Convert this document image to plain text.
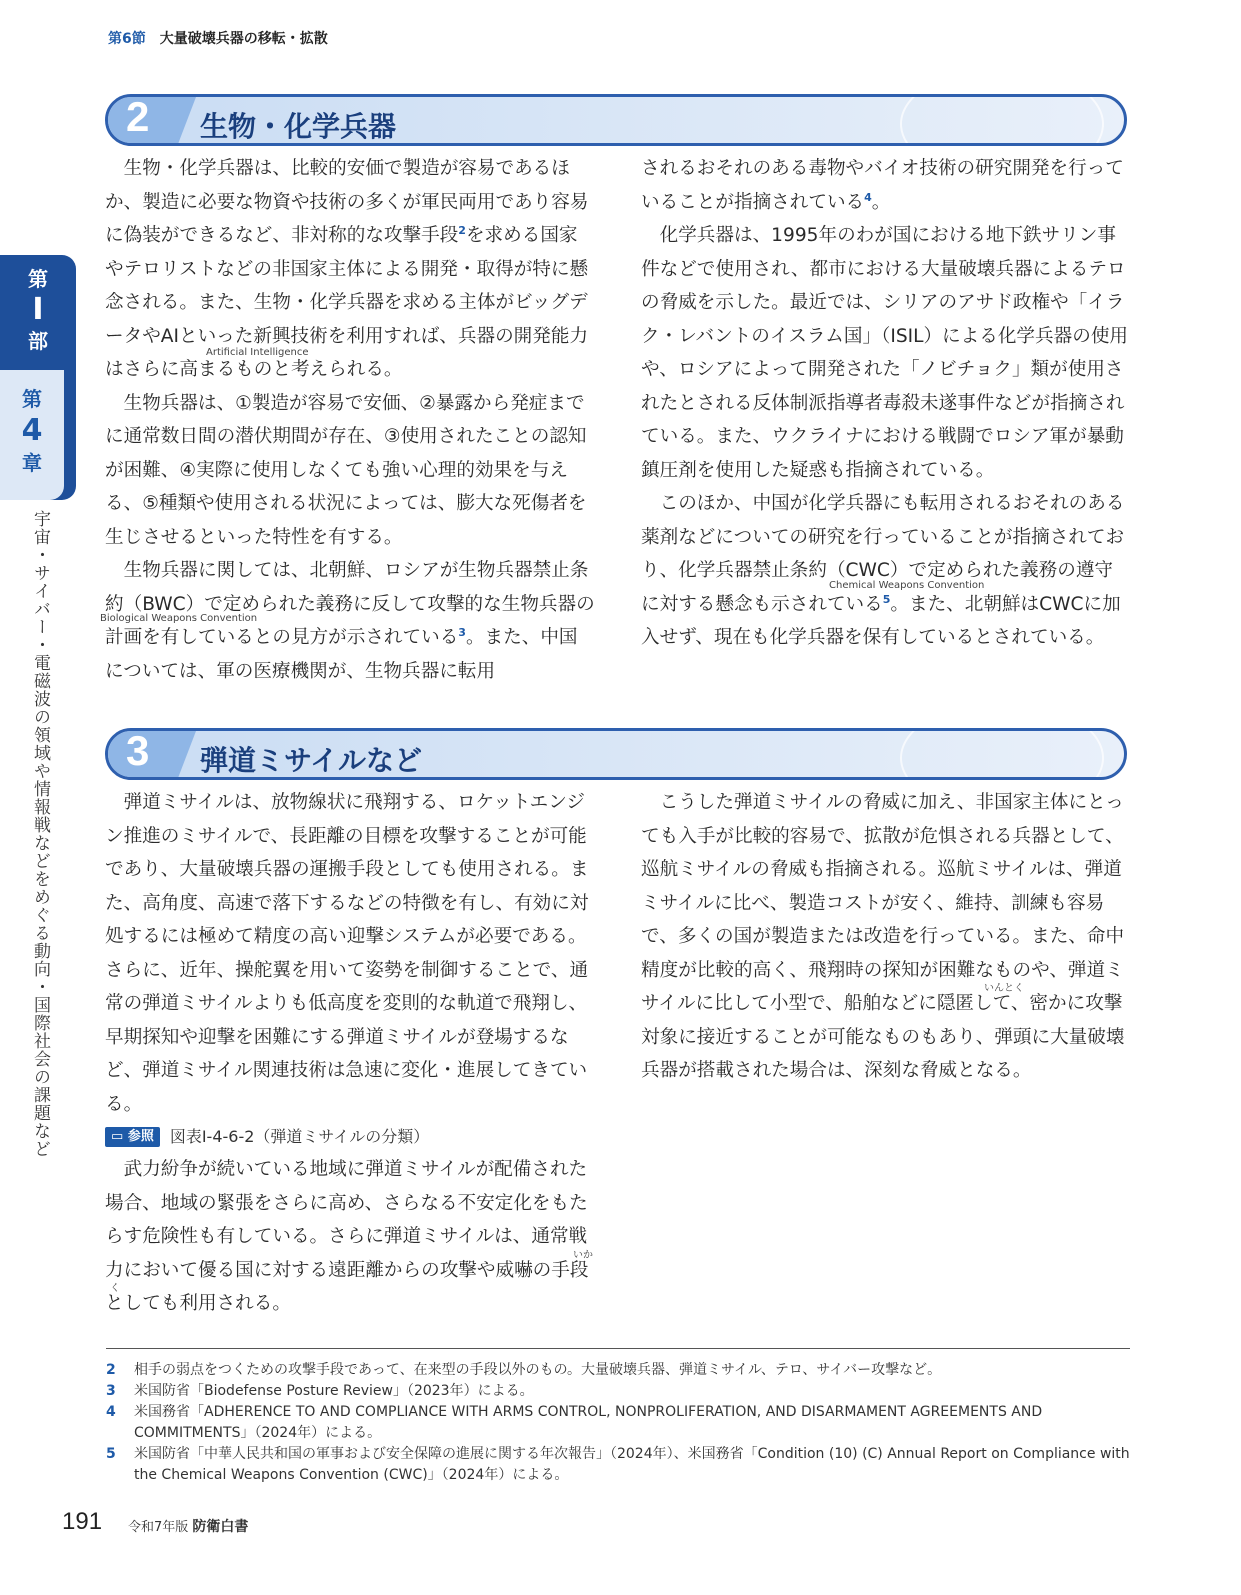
第6節 大量破壊兵器の移転・拡散
第
I
部
第
4
章
宇宙・サイバー・電磁波の領域や情報戦などをめぐる動向・国際社会の課題など
2 生物・化学兵器

生物・化学兵器は、比較的安価で製造が容易であるほか、製造に必要な物資や技術の多くが軍民両用であり容易に偽装ができるなど、非対称的な攻撃手段$^2$を求める国家やテロリストなどの非国家主体による開発・取得が特に懸念される。また、生物・化学兵器を求める主体がビッグデータやAIといった新興技術を利用すれば、兵器の開発能力はさらに高まるものと考えられる。

生物兵器は、①製造が容易で安価、②暴露から発症までに通常数日間の潜伏期間が存在、③使用されたことの認知が困難、④実際に使用しなくても強い心理的効果を与える、⑤種類や使用される状況によっては、膨大な死傷者を生じさせるといった特性を有する。

生物兵器に関しては、北朝鮮、ロシアが生物兵器禁止条約（BWC）で定められた義務に反して攻撃的な生物兵器の計画を有しているとの見方が示されている$^3$。また、中国については、軍の医療機関が、生物兵器に転用

Artificial Intelligence
Biological Weapons Convention

されるおそれのある毒物やバイオ技術の研究開発を行っていることが指摘されている$^4$。

化学兵器は、1995年のわが国における地下鉄サリン事件などで使用され、都市における大量破壊兵器によるテロの脅威を示した。最近では、シリアのアサド政権や「イラク・レバントのイスラム国」（ISIL）による化学兵器の使用や、ロシアによって開発された「ノビチョク」類が使用されたとされる反体制派指導者毒殺未遂事件などが指摘されている。また、ウクライナにおける戦闘でロシア軍が暴動鎮圧剤を使用した疑惑も指摘されている。

このほか、中国が化学兵器にも転用されるおそれのある薬剤などについての研究を行っていることが指摘されており、化学兵器禁止条約（CWC）で定められた義務の遵守に対する懸念も示されている$^5$。また、北朝鮮はCWCに加入せず、現在も化学兵器を保有しているとされている。

Chemical Weapons Convention
3 弾道ミサイルなど

弾道ミサイルは、放物線状に飛翔する、ロケットエンジン推進のミサイルで、長距離の目標を攻撃することが可能であり、大量破壊兵器の運搬手段としても使用される。また、高角度、高速で落下するなどの特徴を有し、有効に対処するには極めて精度の高い迎撃システムが必要である。さらに、近年、操舵翼を用いて姿勢を制御することで、通常の弾道ミサイルよりも低高度を変則的な軌道で飛翔し、早期探知や迎撃を困難にする弾道ミサイルが登場するなど、弾道ミサイル関連技術は急速に変化・進展してきている。

▭ 参照	図表Ⅰ-4-6-2（弾道ミサイルの分類）

武力紛争が続いている地域に弾道ミサイルが配備された場合、地域の緊張をさらに高め、さらなる不安定化をもたらす危険性も有している。さらに弾道ミサイルは、通常戦力において優る国に対する遠距離からの攻撃や威嚇の手段としても利用される。

いか
く

こうした弾道ミサイルの脅威に加え、非国家主体にとっても入手が比較的容易で、拡散が危惧される兵器として、巡航ミサイルの脅威も指摘される。巡航ミサイルは、弾道ミサイルに比べ、製造コストが安く、維持、訓練も容易で、多くの国が製造または改造を行っている。また、命中精度が比較的高く、飛翔時の探知が困難なものや、弾道ミサイルに比して小型で、船舶などに隠匿して、密かに攻撃対象に接近することが可能なものもあり、弾頭に大量破壊兵器が搭載された場合は、深刻な脅威となる。

いんとく
2	相手の弱点をつくための攻撃手段であって、在来型の手段以外のもの。大量破壊兵器、弾道ミサイル、テロ、サイバー攻撃など。
3	米国防省「Biodefense Posture Review」（2023年）による。
4	米国務省「ADHERENCE TO AND COMPLIANCE WITH ARMS CONTROL, NONPROLIFERATION, AND DISARMAMENT AGREEMENTS AND COMMITMENTS」（2024年）による。
5	米国防省「中華人民共和国の軍事および安全保障の進展に関する年次報告」（2024年）、米国務省「Condition (10) (C) Annual Report on Compliance with the Chemical Weapons Convention (CWC)」（2024年）による。
191 令和7年版 防衛白書
